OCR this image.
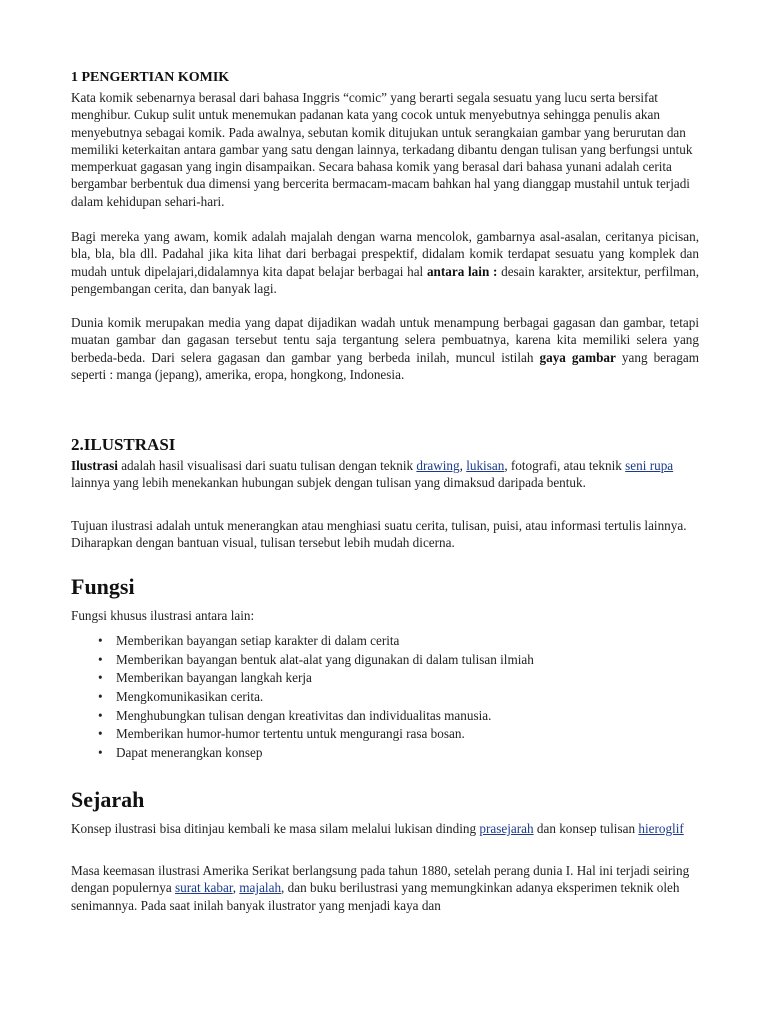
1 PENGERTIAN KOMIK

Kata komik sebenarnya berasal dari bahasa Inggris “comic” yang berarti segala sesuatu yang lucu serta bersifat menghibur. Cukup sulit untuk menemukan padanan kata yang cocok untuk menyebutnya sehingga penulis akan menyebutnya sebagai komik. Pada awalnya, sebutan komik ditujukan untuk serangkaian gambar yang berurutan dan memiliki keterkaitan antara gambar yang satu dengan lainnya, terkadang dibantu dengan tulisan yang berfungsi untuk memperkuat gagasan yang ingin disampaikan. Secara bahasa komik yang berasal dari bahasa yunani adalah cerita bergambar berbentuk dua dimensi yang bercerita bermacam-macam bahkan hal yang dianggap mustahil untuk terjadi dalam kehidupan sehari-hari.

Bagi mereka yang awam, komik adalah majalah dengan warna mencolok, gambarnya asal-asalan, ceritanya picisan, bla, bla, bla dll. Padahal jika kita lihat dari berbagai prespektif, didalam komik terdapat sesuatu yang komplek dan mudah untuk dipelajari,didalamnya kita dapat belajar berbagai hal antara lain : desain karakter, arsitektur, perfilman, pengembangan cerita, dan banyak lagi.

Dunia komik merupakan media yang dapat dijadikan wadah untuk menampung berbagai gagasan dan gambar, tetapi muatan gambar dan gagasan tersebut tentu saja tergantung selera pembuatnya, karena kita memiliki selera yang berbeda-beda. Dari selera gagasan dan gambar yang berbeda inilah, muncul istilah gaya gambar yang beragam seperti : manga (jepang), amerika, eropa, hongkong, Indonesia.

2.ILUSTRASI

Ilustrasi adalah hasil visualisasi dari suatu tulisan dengan teknik drawing, lukisan, fotografi, atau teknik seni rupa lainnya yang lebih menekankan hubungan subjek dengan tulisan yang dimaksud daripada bentuk.

Tujuan ilustrasi adalah untuk menerangkan atau menghiasi suatu cerita, tulisan, puisi, atau informasi tertulis lainnya. Diharapkan dengan bantuan visual, tulisan tersebut lebih mudah dicerna.

Fungsi

Fungsi khusus ilustrasi antara lain:

• Memberikan bayangan setiap karakter di dalam cerita
• Memberikan bayangan bentuk alat-alat yang digunakan di dalam tulisan ilmiah
• Memberikan bayangan langkah kerja
• Mengkomunikasikan cerita.
• Menghubungkan tulisan dengan kreativitas dan individualitas manusia.
• Memberikan humor-humor tertentu untuk mengurangi rasa bosan.
• Dapat menerangkan konsep
Sejarah

Konsep ilustrasi bisa ditinjau kembali ke masa silam melalui lukisan dinding prasejarah dan konsep tulisan hieroglif

Masa keemasan ilustrasi Amerika Serikat berlangsung pada tahun 1880, setelah perang dunia I. Hal ini terjadi seiring dengan populernya surat kabar, majalah, dan buku berilustrasi yang memungkinkan adanya eksperimen teknik oleh senimannya. Pada saat inilah banyak ilustrator yang menjadi kaya dan
